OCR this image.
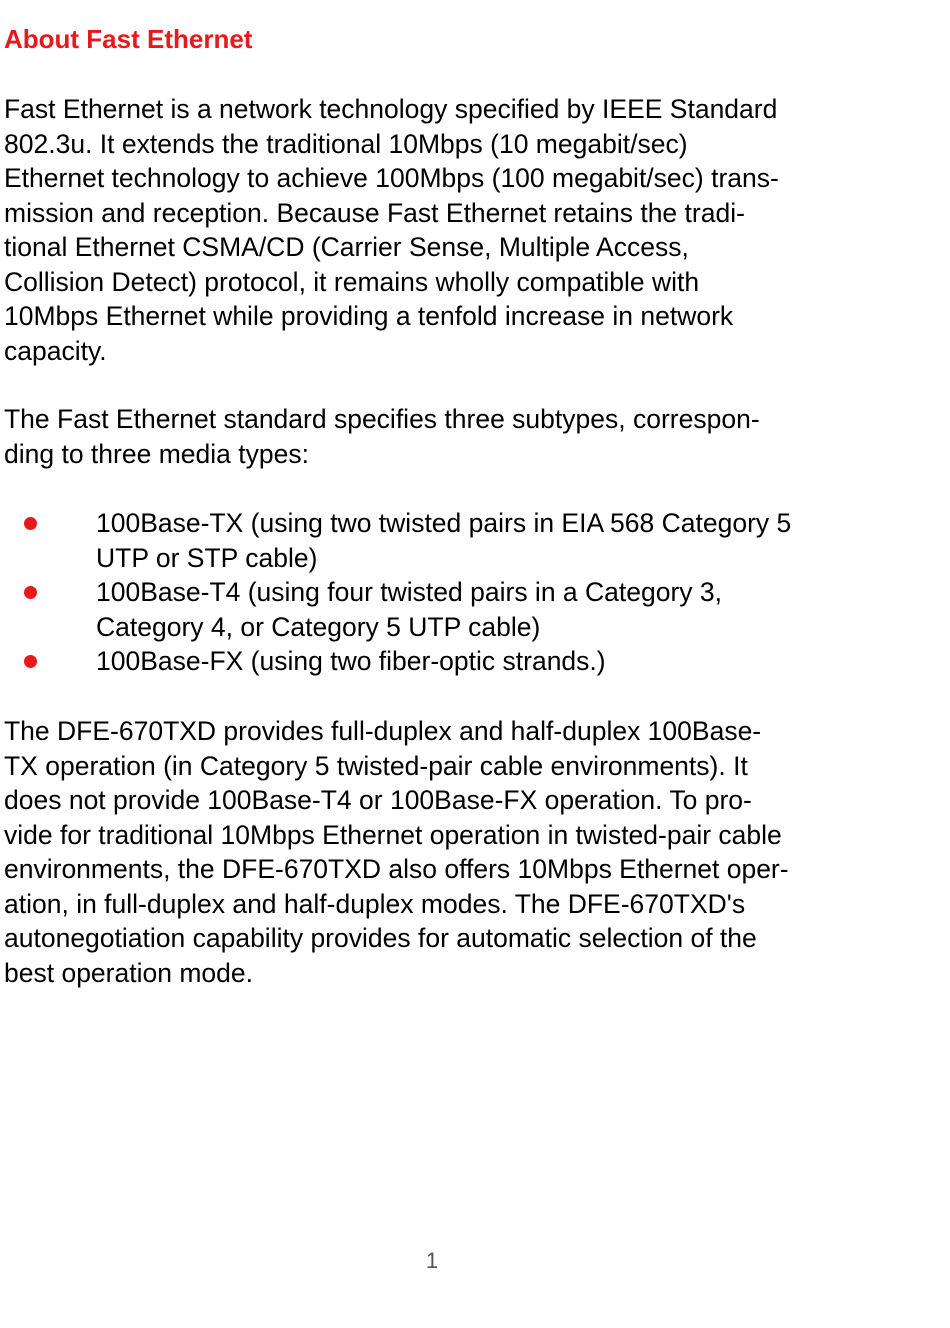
About Fast Ethernet
Fast Ethernet is a network technology specified by IEEE Standard
802.3u. It extends the traditional 10Mbps (10 megabit/sec)
Ethernet technology to achieve 100Mbps (100 megabit/sec) trans-
mission and reception. Because Fast Ethernet retains the tradi-
tional Ethernet CSMA/CD (Carrier Sense, Multiple Access,
Collision Detect) protocol, it remains wholly compatible with
10Mbps Ethernet while providing a tenfold increase in network
capacity.
The Fast Ethernet standard specifies three subtypes, correspon-
ding to three media types:
100Base-TX (using two twisted pairs in EIA 568 Category 5
UTP or STP cable)
100Base-T4 (using four twisted pairs in a Category 3,
Category 4, or Category 5 UTP cable)
100Base-FX (using two fiber-optic strands.)
The DFE-670TXD provides full-duplex and half-duplex 100Base-
TX operation (in Category 5 twisted-pair cable environments). It
does not provide 100Base-T4 or 100Base-FX operation. To pro-
vide for traditional 10Mbps Ethernet operation in twisted-pair cable
environments, the DFE-670TXD also offers 10Mbps Ethernet oper-
ation, in full-duplex and half-duplex modes. The DFE-670TXD's
autonegotiation capability provides for automatic selection of the
best operation mode.
1
